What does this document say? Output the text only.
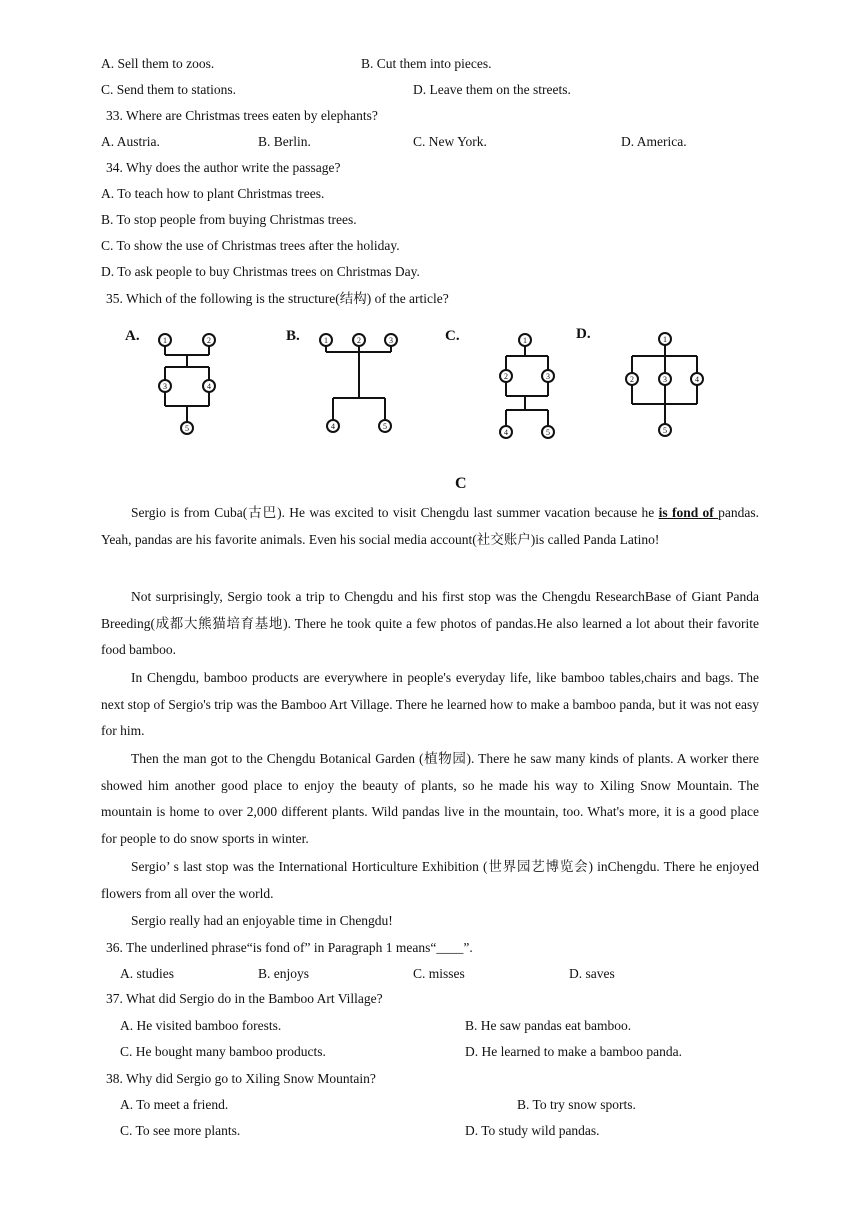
A. Sell them to zoos.	B. Cut them into pieces.
C. Send them to stations.	D. Leave them on the streets.
33. Where are Christmas trees eaten by elephants?
A. Austria.	B. Berlin.	C. New York.	D. America.
34. Why does the author write the passage?
A. To teach how to plant Christmas trees.
B. To stop people from buying Christmas trees.
C. To show the use of Christmas trees after the holiday.
D. To ask people to buy Christmas trees on Christmas Day.
35. Which of the following is the structure(结构) of the article?
A.	B.	C.	D.
1	2
3	4
5
1	2	3
4	5
1
2	3
4	5
1
2	3	4
5
C
Sergio is from Cuba(古巴). He was excited to visit Chengdu last summer vacation because he is fond of pandas. Yeah, pandas are his favorite animals. Even his social media account(社交账户)is called Panda Latino!
Not surprisingly, Sergio took a trip to Chengdu and his first stop was the Chengdu ResearchBase of Giant Panda Breeding(成都大熊猫培育基地). There he took quite a few photos of pandas.He also learned a lot about their favorite food bamboo.
In Chengdu, bamboo products are everywhere in people's everyday life, like bamboo tables,chairs and bags. The next stop of Sergio's trip was the Bamboo Art Village. There he learned how to make a bamboo panda, but it was not easy for him.
Then the man got to the Chengdu Botanical Garden (植物园). There he saw many kinds of plants. A worker there showed him another good place to enjoy the beauty of plants, so he made his way to Xiling Snow Mountain. The mountain is home to over 2,000 different plants. Wild pandas live in the mountain, too. What's more, it is a good place for people to do snow sports in winter.
Sergio’ s last stop was the International Horticulture Exhibition (世界园艺博览会) inChengdu. There he enjoyed flowers from all over the world.
Sergio really had an enjoyable time in Chengdu!
36. The underlined phrase“is fond of” in Paragraph 1 means“____”.
A. studies	B. enjoys	C. misses	D. saves
37. What did Sergio do in the Bamboo Art Village?
A. He visited bamboo forests.	B. He saw pandas eat bamboo.
C. He bought many bamboo products.	D. He learned to make a bamboo panda.
38. Why did Sergio go to Xiling Snow Mountain?
A. To meet a friend.	B. To try snow sports.
C. To see more plants.	D. To study wild pandas.
